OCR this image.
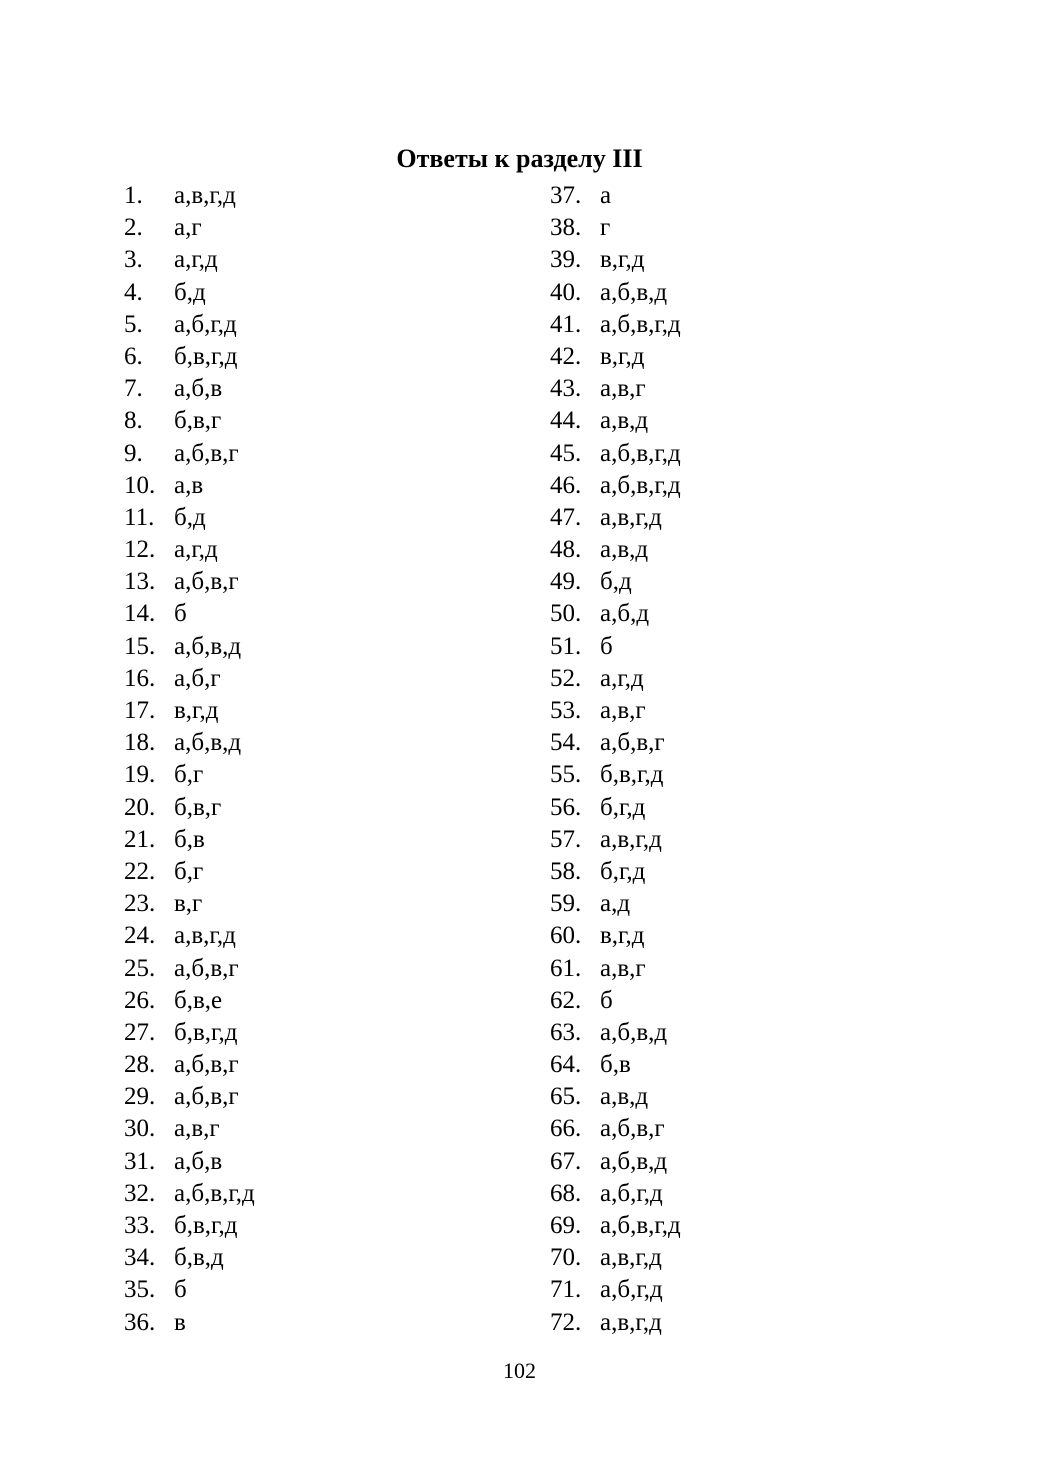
Ответы к разделу III
1.	а,в,г,д
2.	а,г
3.	а,г,д
4.	б,д
5.	а,б,г,д
6.	б,в,г,д
7.	а,б,в
8.	б,в,г
9.	а,б,в,г
10. а,в
11. б,д
12. а,г,д
13. а,б,в,г
14. б
15. а,б,в,д
16. а,б,г
17. в,г,д
18. а,б,в,д
19. б,г
20. б,в,г
21. б,в
22. б,г
23. в,г
24. а,в,г,д
25. а,б,в,г
26. б,в,е
27. б,в,г,д
28. а,б,в,г
29. а,б,в,г
30. а,в,г
31. а,б,в
32. а,б,в,г,д
33. б,в,г,д
34. б,в,д
35. б
36. в
37. а
38. г
39. в,г,д
40. а,б,в,д
41. а,б,в,г,д
42. в,г,д
43. а,в,г
44. а,в,д
45. а,б,в,г,д
46. а,б,в,г,д
47. а,в,г,д
48. а,в,д
49. б,д
50. а,б,д
51. б
52. а,г,д
53. а,в,г
54. а,б,в,г
55. б,в,г,д
56. б,г,д
57. а,в,г,д
58. б,г,д
59. а,д
60. в,г,д
61. а,в,г
62. б
63. а,б,в,д
64. б,в
65. а,в,д
66. а,б,в,г
67. а,б,в,д
68. а,б,г,д
69. а,б,в,г,д
70. а,в,г,д
71. а,б,г,д
72. а,в,г,д
102
